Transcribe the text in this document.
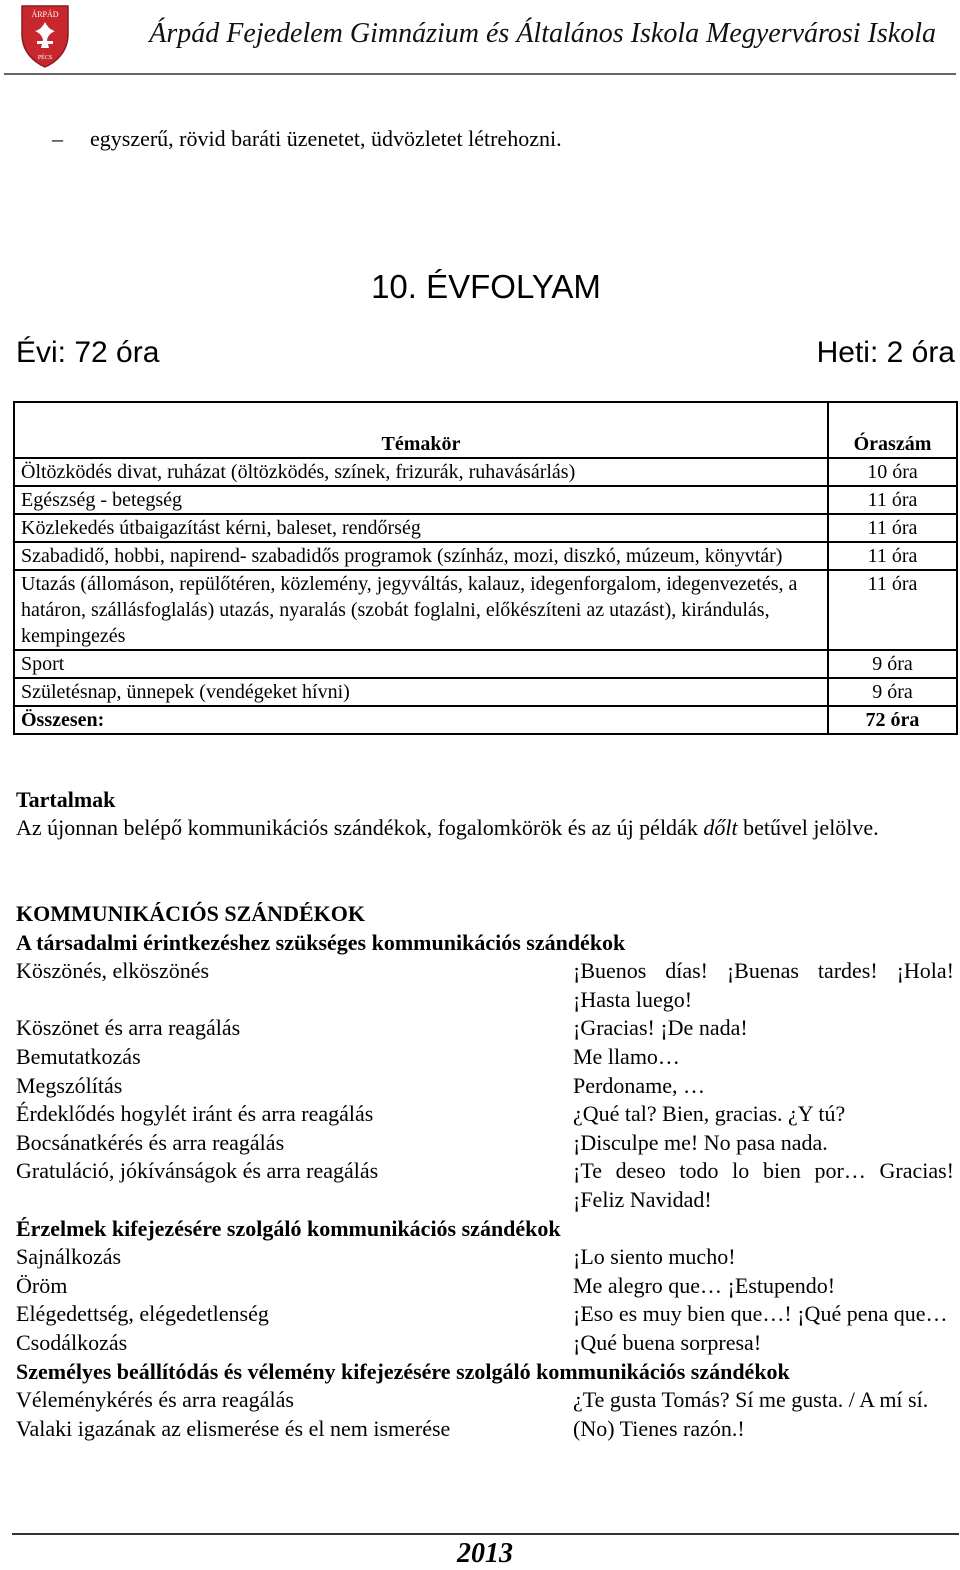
ÁRPÁD
PÉCS
Árpád Fejedelem Gimnázium és Általános Iskola Megyervárosi Iskola
– egyszerű, rövid baráti üzenetet, üdvözletet létrehozni.
10. ÉVFOLYAM
Évi: 72 óra	Heti: 2 óra
Témakör	Óraszám

Öltözködés divat, ruházat (öltözködés, színek, frizurák, ruhavásárlás)	10 óra
Egészség - betegség	11 óra
Közlekedés útbaigazítást kérni, baleset, rendőrség	11 óra
Szabadidő, hobbi, napirend- szabadidős programok (színház, mozi, diszkó, múzeum, könyvtár)	11 óra
Utazás (állomáson, repülőtéren, közlemény, jegyváltás, kalauz, idegenforgalom, idegenvezetés, a határon, szállásfoglalás) utazás, nyaralás (szobát foglalni, előkészíteni az utazást), kirándulás, kempingezés	11 óra
Sport	9 óra
Születésnap, ünnepek (vendégeket hívni)	9 óra
Összesen:	72 óra
Tartalmak
Az újonnan belépő kommunikációs szándékok, fogalomkörök és az új példák dőlt betűvel jelölve.
KOMMUNIKÁCIÓS SZÁNDÉKOK
A társadalmi érintkezéshez szükséges kommunikációs szándékok
Köszönés, elköszönés	¡Buenos días! ¡Buenas tardes! ¡Hola! ¡Hasta luego!
Köszönet és arra reagálás	¡Gracias! ¡De nada!
Bemutatkozás	Me llamo…
Megszólítás	Perdoname, …
Érdeklődés hogylét iránt és arra reagálás	¿Qué tal? Bien, gracias. ¿Y tú?
Bocsánatkérés és arra reagálás	¡Disculpe me! No pasa nada.
Gratuláció, jókívánságok és arra reagálás	¡Te deseo todo lo bien por… Gracias! ¡Feliz Navidad!
Érzelmek kifejezésére szolgáló kommunikációs szándékok
Sajnálkozás	¡Lo siento mucho!
Öröm	Me alegro que… ¡Estupendo!
Elégedettség, elégedetlenség	¡Eso es muy bien que…! ¡Qué pena que…
Csodálkozás	¡Qué buena sorpresa!
Személyes beállítódás és vélemény kifejezésére szolgáló kommunikációs szándékok
Véleménykérés és arra reagálás	¿Te gusta Tomás? Sí me gusta. / A mí sí.
Valaki igazának az elismerése és el nem ismerése	(No) Tienes razón.!
2013
